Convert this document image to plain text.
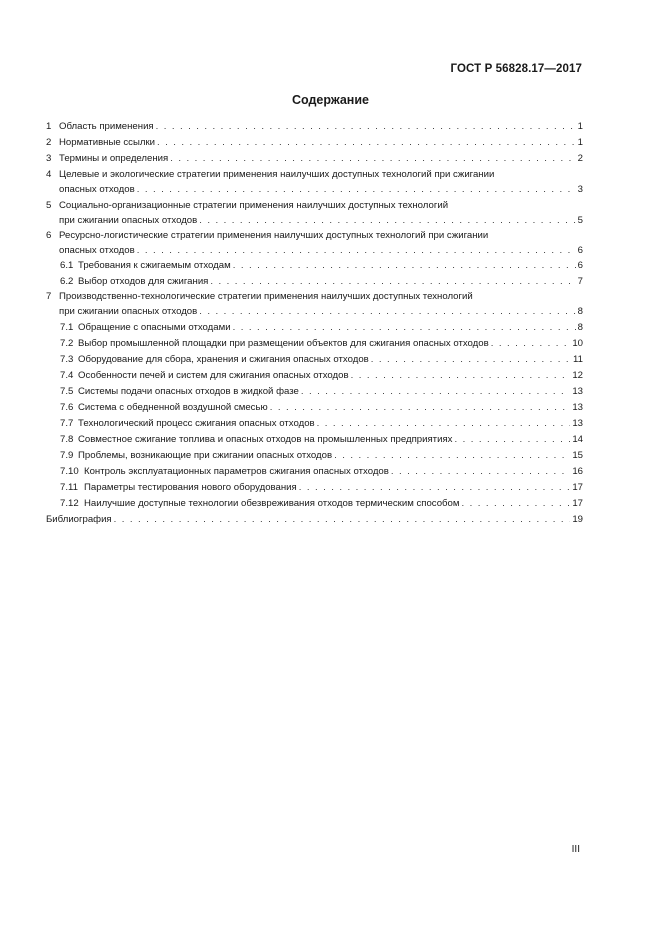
ГОСТ Р 56828.17—2017
Содержание
1 Область применения . . .	1
2 Нормативные ссылки . . .	1
3 Термины и определения . . .	2
4 Целевые и экологические стратегии применения наилучших доступных технологий при сжигании
опасных отходов . . .	3
5 Социально-организационные стратегии применения наилучших доступных технологий
при сжигании опасных отходов . . .	5
6 Ресурсно-логистические стратегии применения наилучших доступных технологий при сжигании
опасных отходов . . .	6
6.1 Требования к сжигаемым отходам . . .	6
6.2 Выбор отходов для сжигания . . .	7
7 Производственно-технологические стратегии применения наилучших доступных технологий
при сжигании опасных отходов . . .	8
7.1 Обращение с опасными отходами . . .	8
7.2 Выбор промышленной площадки при размещении объектов для сжигания опасных отходов . . .	10
7.3 Оборудование для сбора, хранения и сжигания опасных отходов . . .	11
7.4 Особенности печей и систем для сжигания опасных отходов . . .	12
7.5 Системы подачи опасных отходов в жидкой фазе . . .	13
7.6 Система с обедненной воздушной смесью . . .	13
7.7 Технологический процесс сжигания опасных отходов . . .	13
7.8 Совместное сжигание топлива и опасных отходов на промышленных предприятиях . . .	14
7.9 Проблемы, возникающие при сжигании опасных отходов . . .	15
7.10 Контроль эксплуатационных параметров сжигания опасных отходов . . .	16
7.11 Параметры тестирования нового оборудования . . .	17
7.12 Наилучшие доступные технологии обезвреживания отходов термическим способом . . .	17
Библиография . . .	19
III
